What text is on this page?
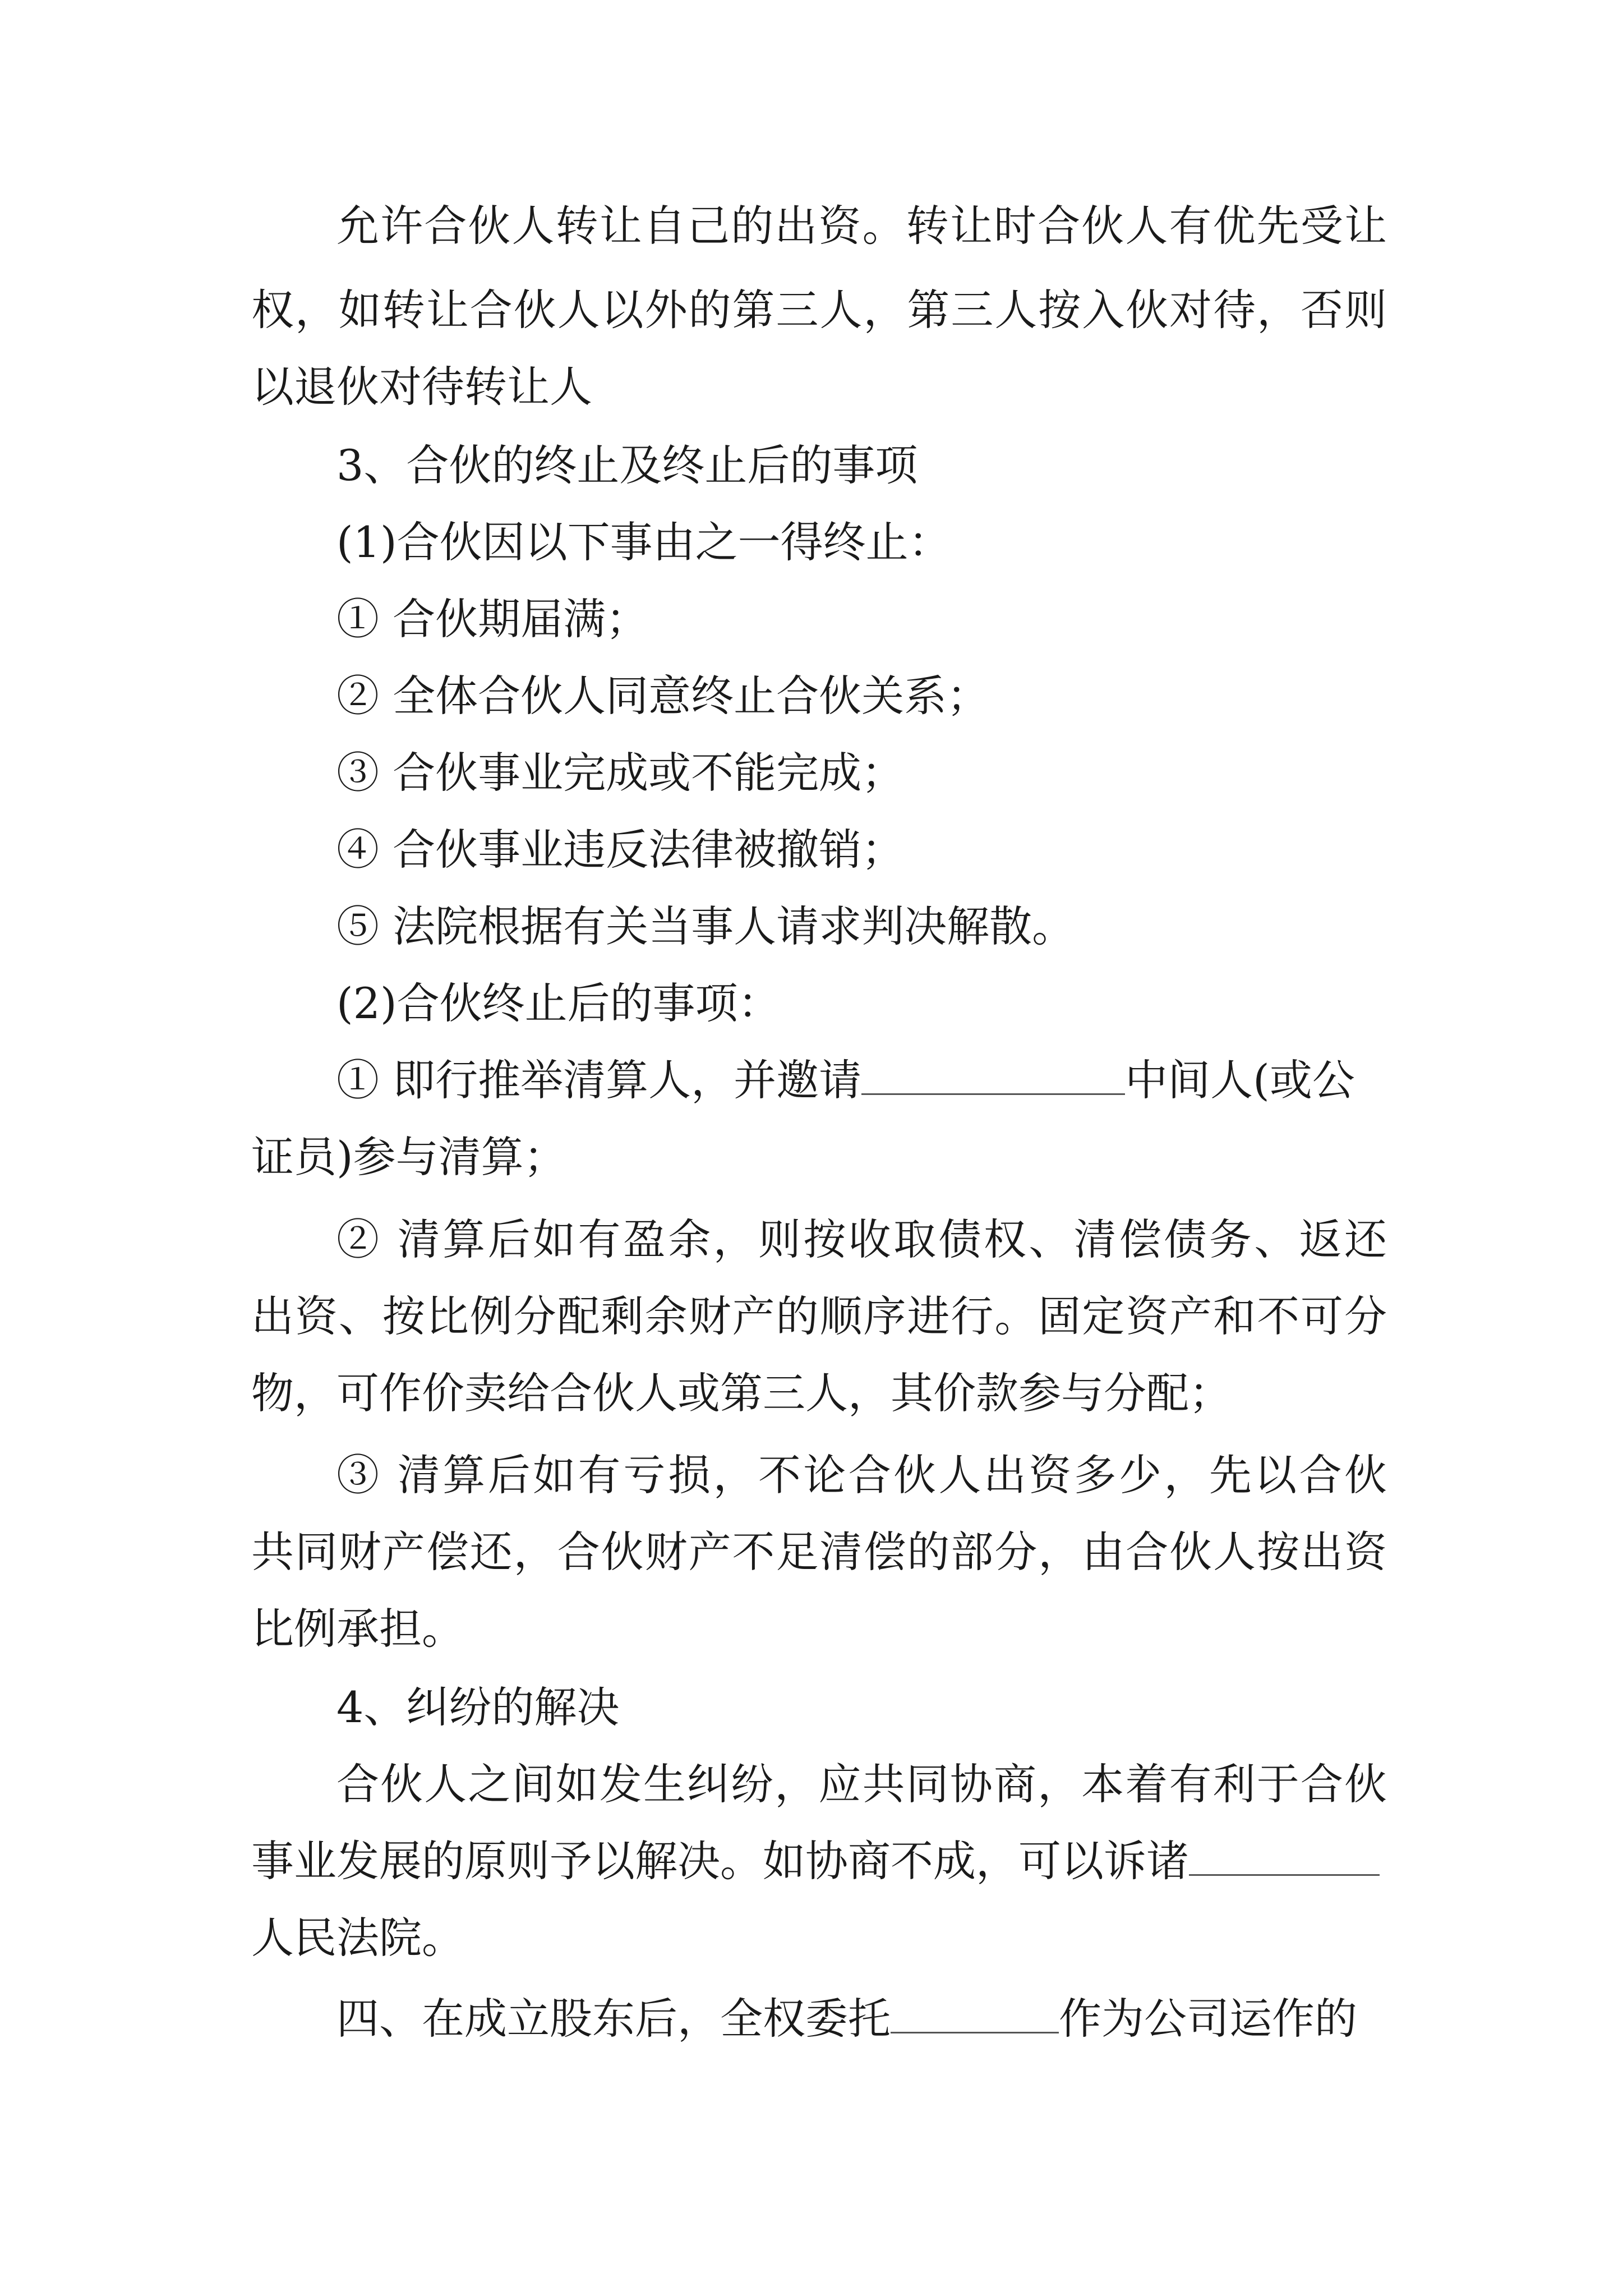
允许合伙人转让自己的出资。转让时合伙人有优先受让

权，如转让合伙人以外的第三人，第三人按入伙对待，否则

以退伙对待转让人

3、合伙的终止及终止后的事项

(1)合伙因以下事由之一得终止：

① 合伙期届满；

② 全体合伙人同意终止合伙关系；

③ 合伙事业完成或不能完成；

④ 合伙事业违反法律被撤销；

⑤ 法院根据有关当事人请求判决解散。

(2)合伙终止后的事项：

① 即行推举清算人，并邀请	中间人(或公

证员)参与清算；

② 清算后如有盈余，则按收取债权、清偿债务、返还

出资、按比例分配剩余财产的顺序进行。固定资产和不可分

物，可作价卖给合伙人或第三人，其价款参与分配；

③ 清算后如有亏损，不论合伙人出资多少，先以合伙

共同财产偿还，合伙财产不足清偿的部分，由合伙人按出资

比例承担。

4、纠纷的解决

合伙人之间如发生纠纷，应共同协商，本着有利于合伙

事业发展的原则予以解决。如协商不成，可以诉诸

人民法院。

四、在成立股东后，全权委托	作为公司运作的
